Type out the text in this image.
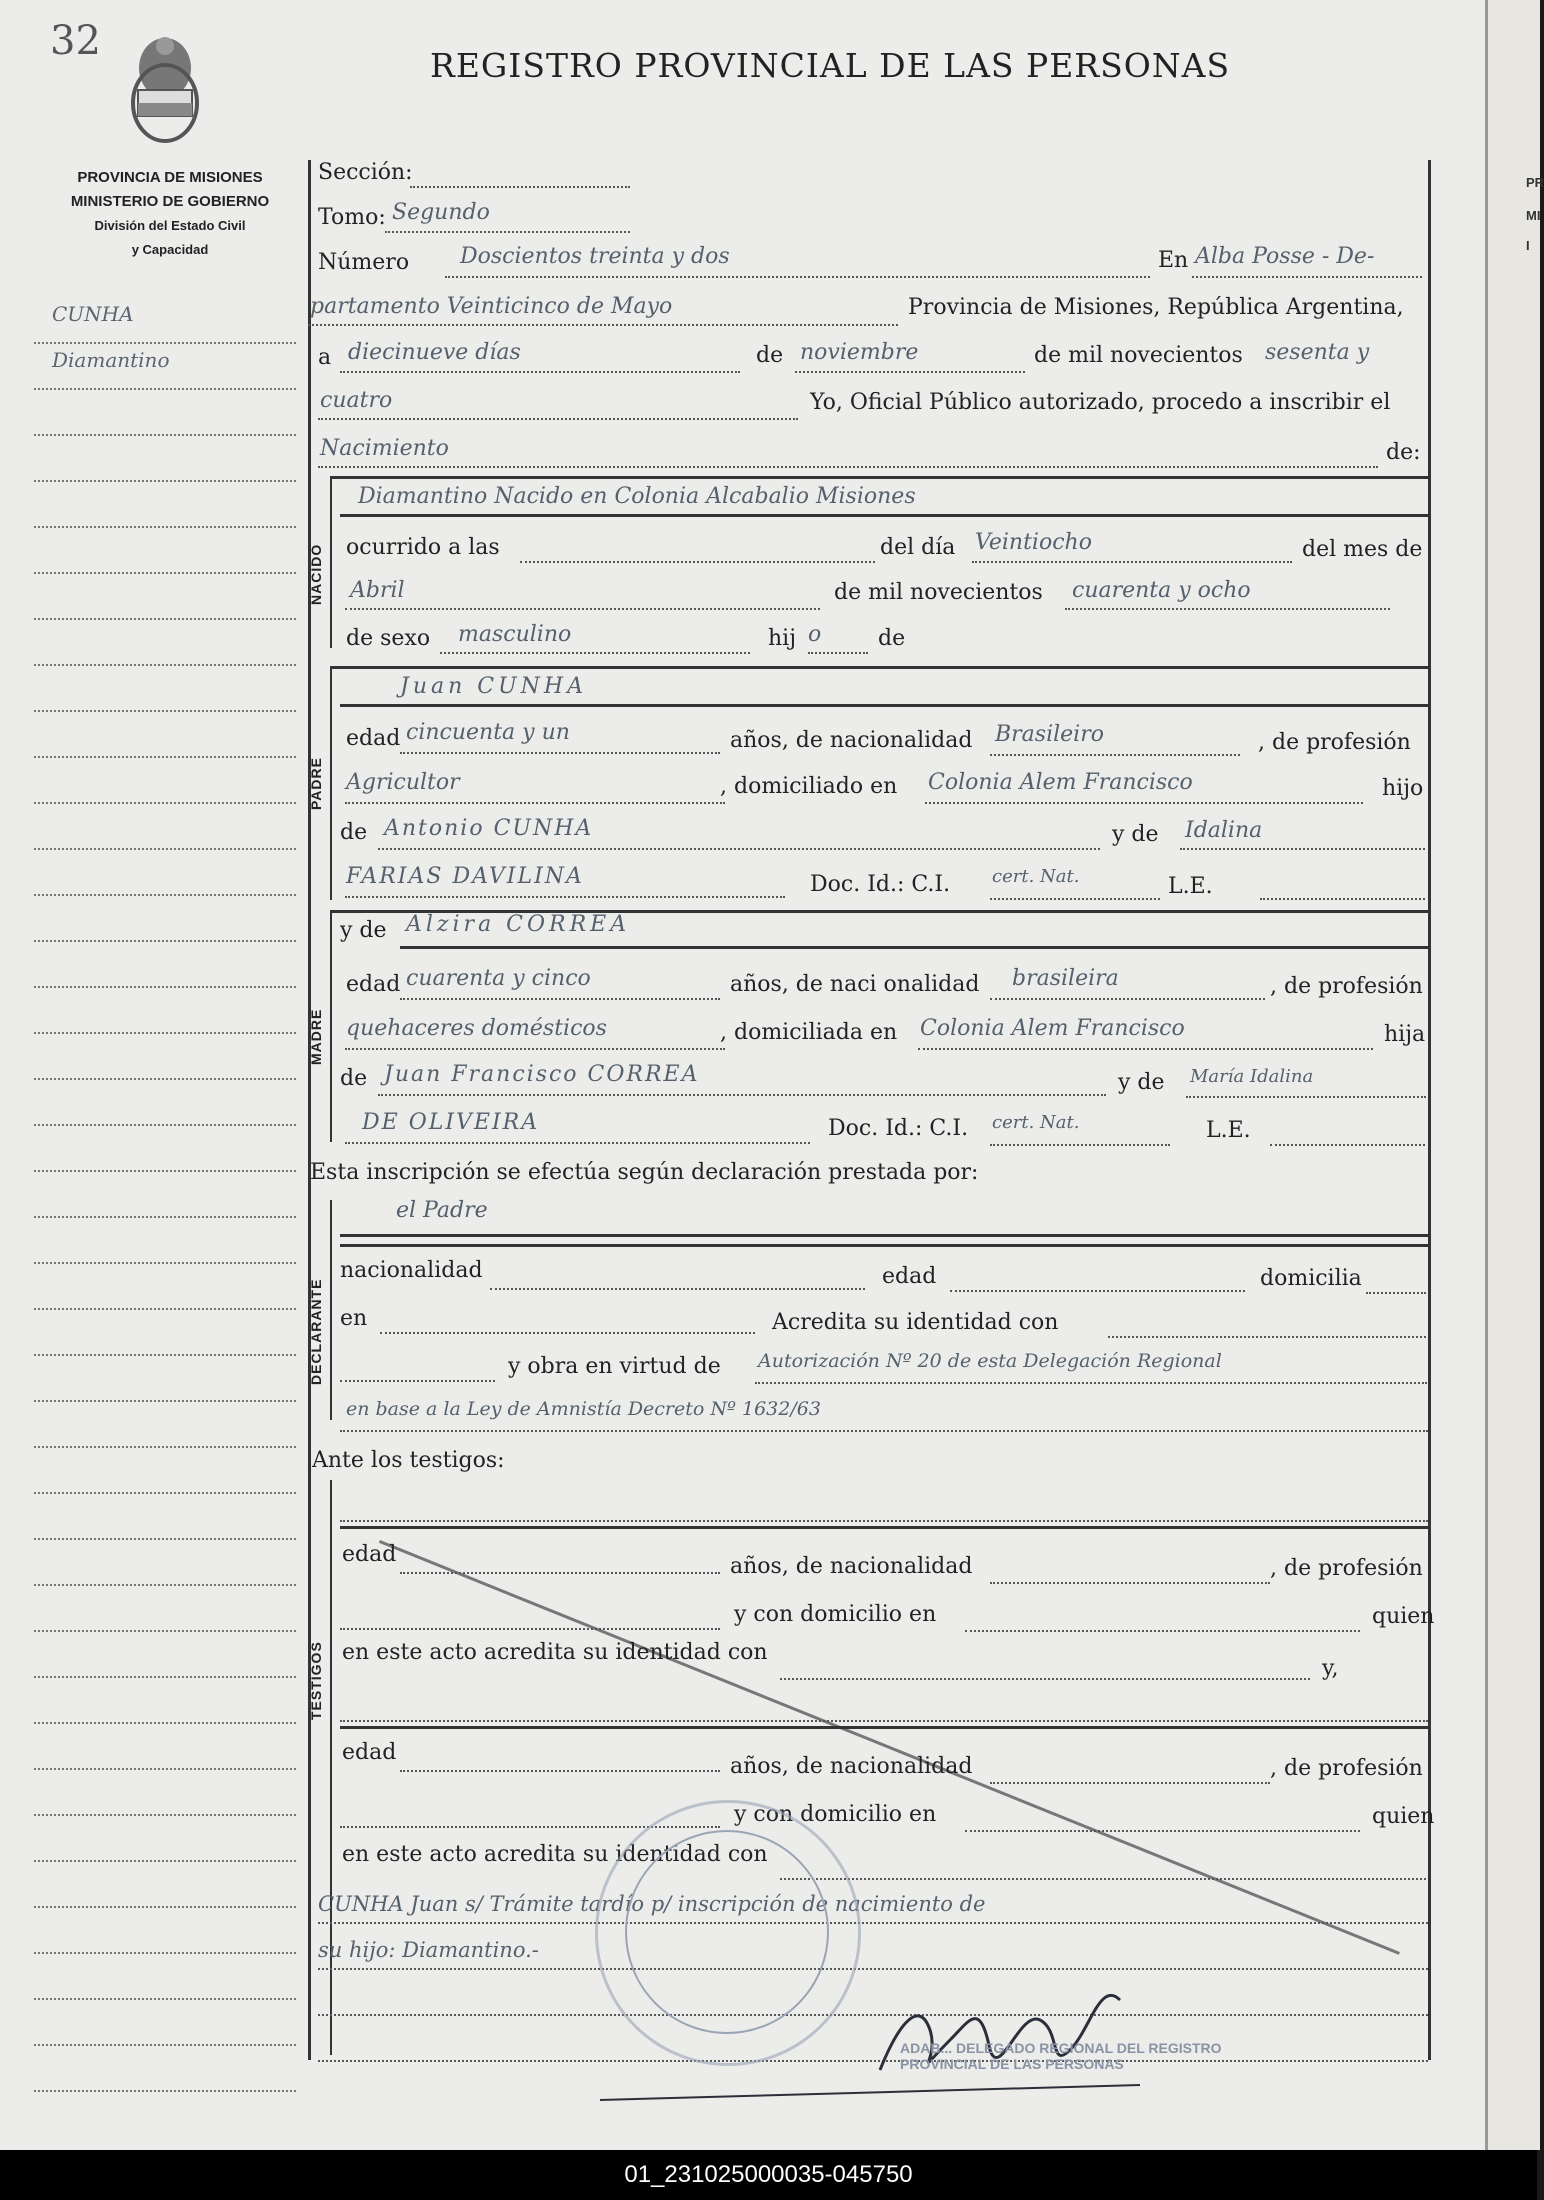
32
REGISTRO PROVINCIAL DE LAS PERSONAS
PROVINCIA DE MISIONES
MINISTERIO DE GOBIERNO
División del Estado Civil
y Capacidad
CUNHA
Diamantino
Sección:
Tomo: Segundo
Número Doscientos treinta y dos	En Alba Posse - De-
partamento Veinticinco de Mayo	Provincia de Misiones, República Argentina,
a diecinueve días	de noviembre	de mil novecientos sesenta y
cuatro	Yo, Oficial Público autorizado, procedo a inscribir el
Nacimiento	de:
NACIDO
Diamantino Nacido en Colonia Alcabalio Misiones
ocurrido a las	del día Veintiocho	del mes de
Abril	de mil novecientos cuarenta y ocho
de sexo masculino	hij o	de
PADRE
Juan CUNHA
edad cincuenta y un	años, de nacionalidad Brasileiro	, de profesión
Agricultor	, domiciliado en Colonia Alem Francisco	hijo
de Antonio CUNHA	y de Idalina
FARIAS DAVILINA	Doc. Id.: C.I. cert. Nat.	L.E.
MADRE
y de Alzira CORREA
edad cuarenta y cinco	años, de naci onalidad brasileira	, de profesión
quehaceres domésticos	, domiciliada en Colonia Alem Francisco	hija
de Juan Francisco CORREA	y de María Idalina
DE OLIVEIRA	Doc. Id.: C.I. cert. Nat.	L.E.
Esta inscripción se efectúa según declaración prestada por:
DECLARANTE
el Padre
nacionalidad	edad	domicilia
en	Acredita su identidad con
y obra en virtud de Autorización Nº 20 de esta Delegación Regional
en base a la Ley de Amnistía Decreto Nº 1632/63
Ante los testigos:
TESTIGOS
edad	años, de nacionalidad	, de profesión
y con domicilio en	quien
en este acto acredita su identidad con
y,
edad
años, de nacionalidad	, de profesión
y con domicilio en	quien
en este acto acredita su identidad con
CUNHA Juan s/ Trámite tardío p/ inscripción de nacimiento de
su hijo: Diamantino.-
ADAB... DELEGADO REGIONAL DEL REGISTRO PROVINCIAL DE LAS PERSONAS
PR
MI
I
01_231025000035-045750
